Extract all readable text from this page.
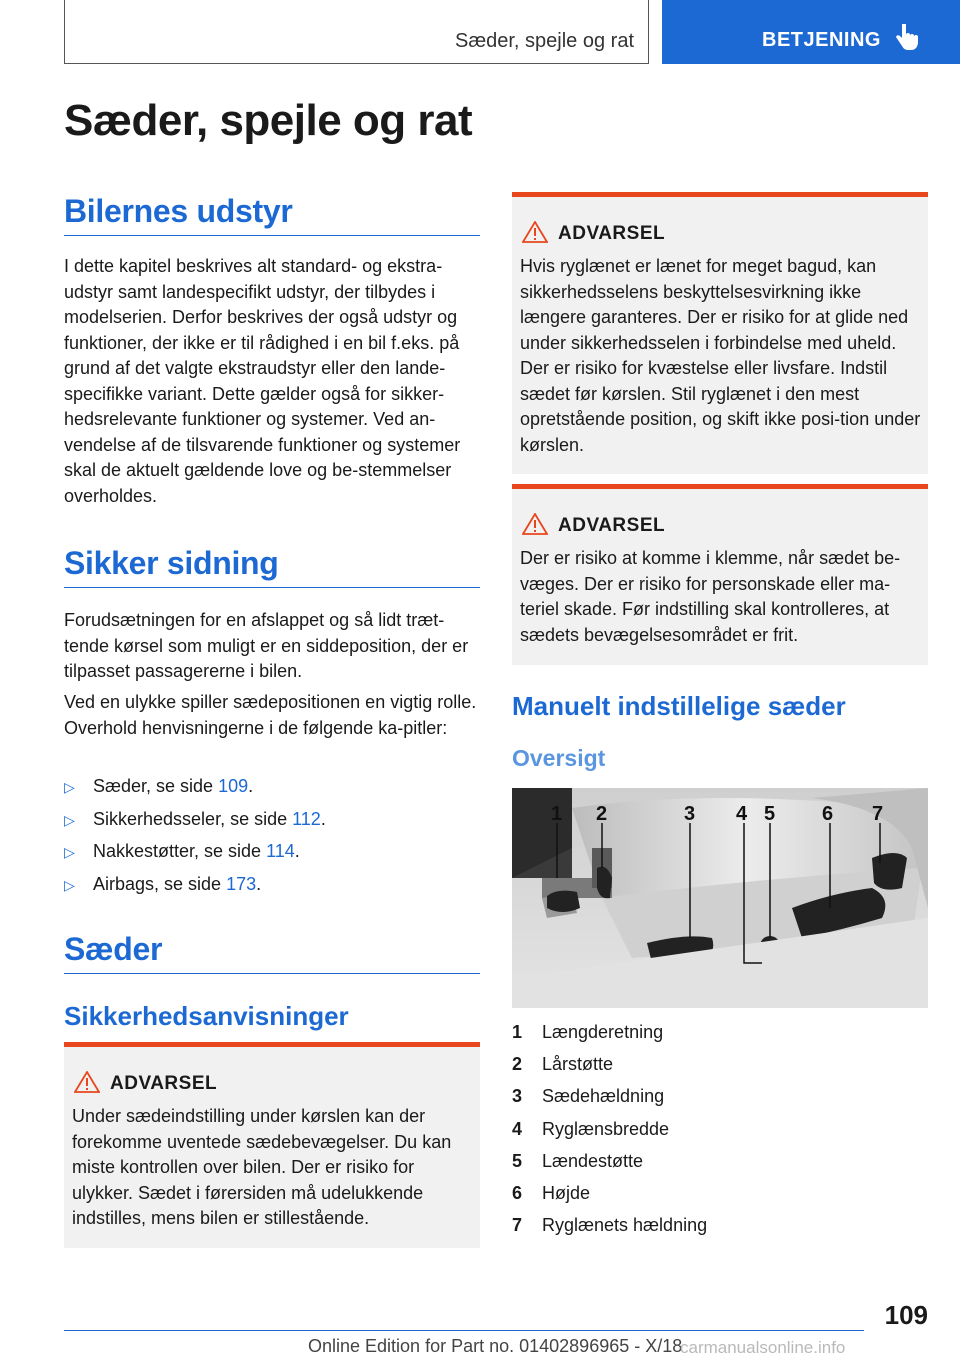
Sæder, spejle og rat	BETJENING
Sæder, spejle og rat
Bilernes udstyr

I dette kapitel beskrives alt standard- og ekstra-udstyr samt landespecifikt udstyr, der tilbydes i modelserien. Derfor beskrives der også udstyr og funktioner, der ikke er til rådighed i en bil f.eks. på grund af det valgte ekstraudstyr eller den lande-specifikke variant. Dette gælder også for sikker-hedsrelevante funktioner og systemer. Ved an-vendelse af de tilsvarende funktioner og systemer skal de aktuelt gældende love og be-stemmelser overholdes.

Sikker sidning

Forudsætningen for en afslappet og så lidt træt-tende kørsel som muligt er en siddeposition, der er tilpasset passagererne i bilen.

Ved en ulykke spiller sædepositionen en vigtig rolle. Overhold henvisningerne i de følgende ka-pitler:

▷ Sæder, se side 109.
▷ Sikkerhedsseler, se side 112.
▷ Nakkestøtter, se side 114.
▷ Airbags, se side 173.
Sæder
Sikkerhedsanvisninger
ADVARSEL

Under sædeindstilling under kørslen kan der forekomme uventede sædebevægelser. Du kan miste kontrollen over bilen. Der er risiko for ulykker. Sædet i førersiden må udelukkende indstilles, mens bilen er stillestående.

ADVARSEL

Hvis ryglænet er lænet for meget bagud, kan sikkerhedsselens beskyttelsesvirkning ikke længere garanteres. Der er risiko for at glide ned under sikkerhedsselen i forbindelse med uheld. Der er risiko for kvæstelse eller livsfare. Indstil sædet før kørslen. Stil ryglænet i den mest opretstående position, og skift ikke posi-tion under kørslen.

ADVARSEL

Der er risiko at komme i klemme, når sædet be-væges. Der er risiko for personskade eller ma-teriel skade. Før indstilling skal kontrolleres, at sædets bevægelsesområdet er frit.

Manuelt indstillelige sæder
Oversigt
1 2	3 4 5 6 7
1 Længderetning
2 Lårstøtte
3 Sædehældning
4 Ryglænsbredde
5 Lændestøtte
6 Højde
7 Ryglænets hældning
109
Online Edition for Part no. 01402896965 - X/18
carmanualsonline.info
